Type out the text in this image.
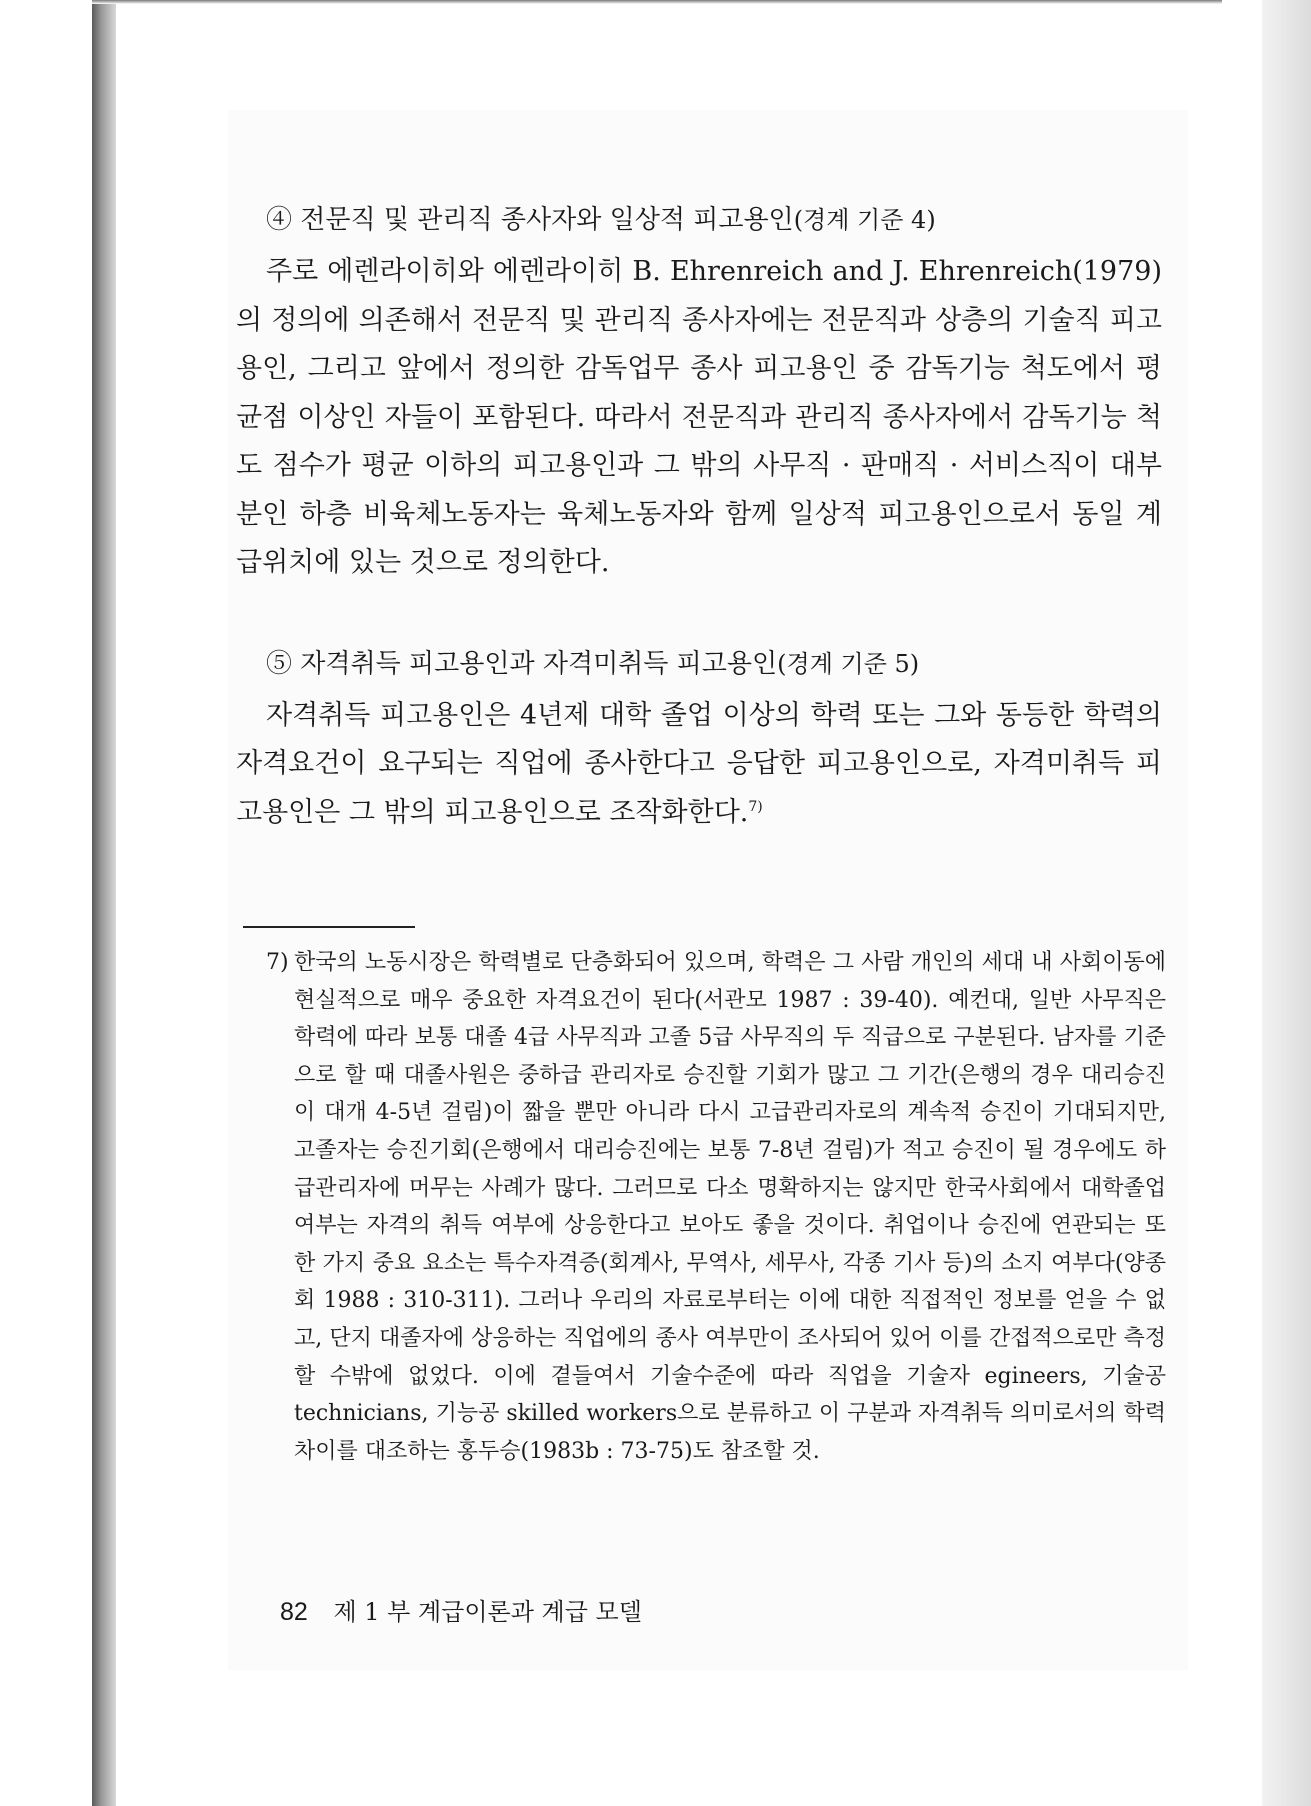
④ 전문직 및 관리직 종사자와 일상적 피고용인(경계 기준 4)

주로 에렌라이히와 에렌라이히 B. Ehrenreich and J. Ehrenreich(1979)의 정의에 의존해서 전문직 및 관리직 종사자에는 전문직과 상층의 기술직 피고용인, 그리고 앞에서 정의한 감독업무 종사 피고용인 중 감독기능 척도에서 평균점 이상인 자들이 포함된다. 따라서 전문직과 관리직 종사자에서 감독기능 척도 점수가 평균 이하의 피고용인과 그 밖의 사무직 · 판매직 · 서비스직이 대부분인 하층 비육체노동자는 육체노동자와 함께 일상적 피고용인으로서 동일 계급위치에 있는 것으로 정의한다.

⑤ 자격취득 피고용인과 자격미취득 피고용인(경계 기준 5)

자격취득 피고용인은 4년제 대학 졸업 이상의 학력 또는 그와 동등한 학력의 자격요건이 요구되는 직업에 종사한다고 응답한 피고용인으로, 자격미취득 피고용인은 그 밖의 피고용인으로 조작화한다.$^{7)}$

7) 한국의 노동시장은 학력별로 단층화되어 있으며, 학력은 그 사람 개인의 세대 내 사회이동에 현실적으로 매우 중요한 자격요건이 된다(서관모 1987 : 39-40). 예컨대, 일반 사무직은 학력에 따라 보통 대졸 4급 사무직과 고졸 5급 사무직의 두 직급으로 구분된다. 남자를 기준으로 할 때 대졸사원은 중하급 관리자로 승진할 기회가 많고 그 기간(은행의 경우 대리승진이 대개 4-5년 걸림)이 짧을 뿐만 아니라 다시 고급관리자로의 계속적 승진이 기대되지만, 고졸자는 승진기회(은행에서 대리승진에는 보통 7-8년 걸림)가 적고 승진이 될 경우에도 하급관리자에 머무는 사례가 많다. 그러므로 다소 명확하지는 않지만 한국사회에서 대학졸업 여부는 자격의 취득 여부에 상응한다고 보아도 좋을 것이다. 취업이나 승진에 연관되는 또 한 가지 중요 요소는 특수자격증(회계사, 무역사, 세무사, 각종 기사 등)의 소지 여부다(양종회 1988 : 310-311). 그러나 우리의 자료로부터는 이에 대한 직접적인 정보를 얻을 수 없고, 단지 대졸자에 상응하는 직업에의 종사 여부만이 조사되어 있어 이를 간접적으로만 측정할 수밖에 없었다. 이에 곁들여서 기술수준에 따라 직업을 기술자 egineers, 기술공 technicians, 기능공 skilled workers으로 분류하고 이 구분과 자격취득 의미로서의 학력 차이를 대조하는 홍두승(1983b : 73-75)도 참조할 것.
82 제 1 부 계급이론과 계급 모델
